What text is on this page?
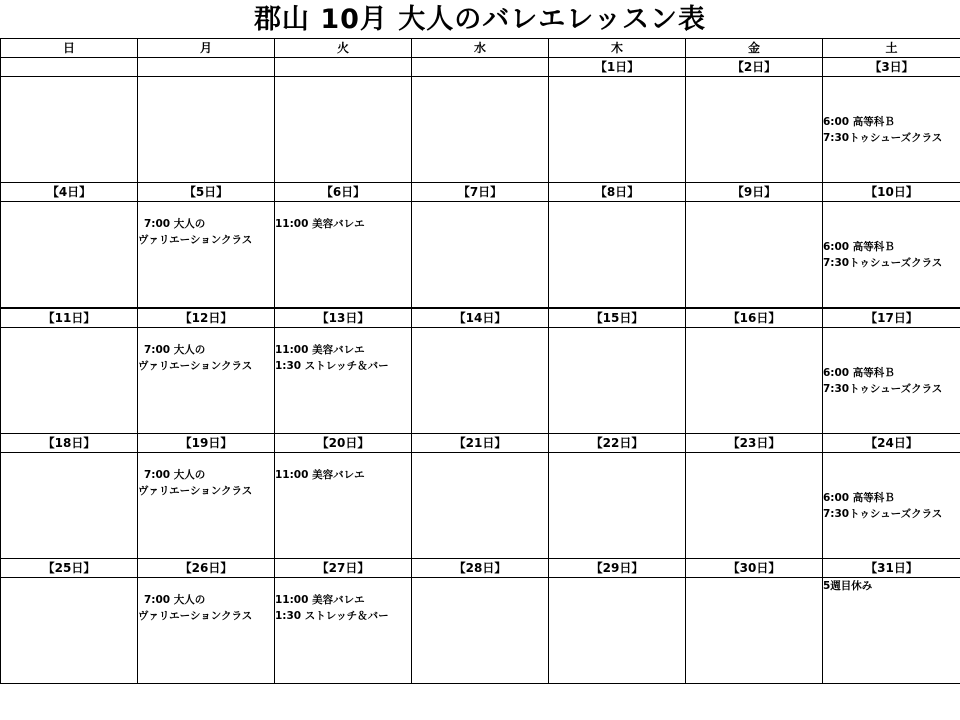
郡山 10月 大人のバレエレッスン表
日	月	火	水	木	金	土
				【1日】	【2日】	【3日】

						6:00 高等科Ｂ
7:30トゥシューズクラス

【4日】	【5日】	【6日】	【7日】	【8日】	【9日】	【10日】

	7:00 大人の
ヴァリエーションクラス	11:00 美容バレエ				6:00 高等科Ｂ
7:30トゥシューズクラス

【11日】	【12日】	【13日】	【14日】	【15日】	【16日】	【17日】

	7:00 大人の
ヴァリエーションクラス	11:00 美容バレエ
1:30 ストレッチ＆バー				6:00 高等科Ｂ
7:30トゥシューズクラス

【18日】	【19日】	【20日】	【21日】	【22日】	【23日】	【24日】

	7:00 大人の
ヴァリエーションクラス	11:00 美容バレエ				6:00 高等科Ｂ
7:30トゥシューズクラス

【25日】	【26日】	【27日】	【28日】	【29日】	【30日】	【31日】

	7:00 大人の
ヴァリエーションクラス	11:00 美容バレエ
1:30 ストレッチ＆バー				5週目休み
